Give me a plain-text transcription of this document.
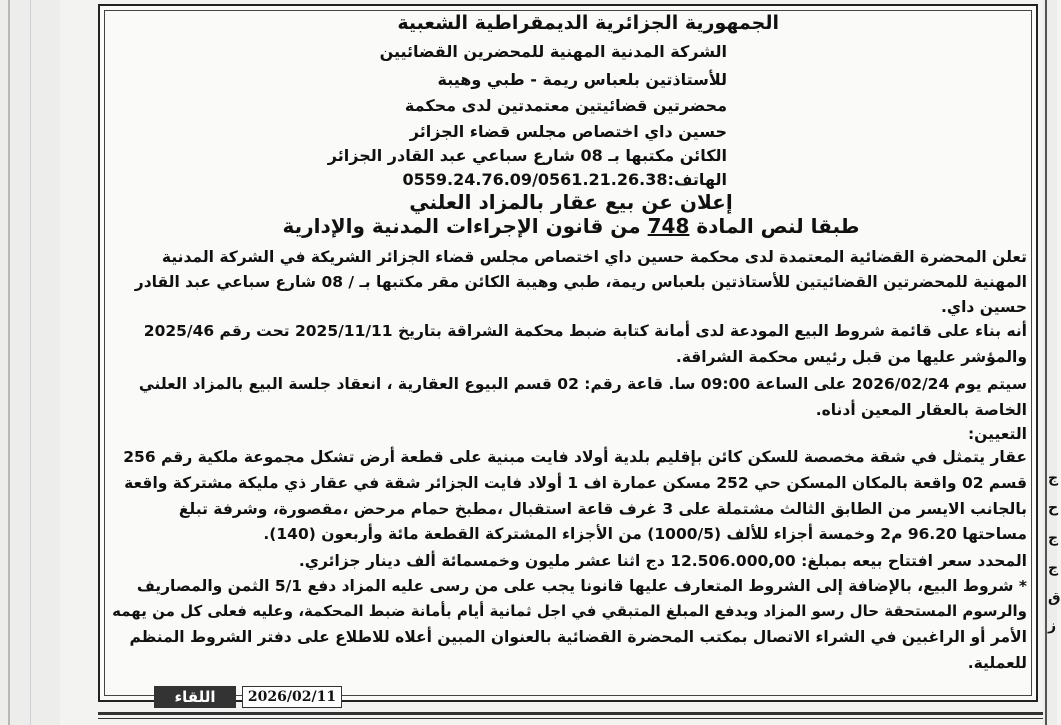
ج
ح
ج
ج
ق
ز
الجمهورية الجزائرية الديمقراطية الشعبية
الشركة المدنية المهنية للمحضرين القضائيين
للأستاذتين بلعباس ريمة - طبي وهيبة
محضرتين قضائيتين معتمدتين لدى محكمة
حسين داي اختصاص مجلس قضاء الجزائر
الكائن مكتبها بـ 08 شارع سباعي عبد القادر الجزائر
الهاتف:0559.24.76.09/0561.21.26.38
إعلان عن بيع عقار بالمزاد العلني
طبقا لنص المادة 748 من قانون الإجراءات المدنية والإدارية
تعلن المحضرة القضائية المعتمدة لدى محكمة حسين داي اختصاص مجلس قضاء الجزائر الشريكة في الشركة المدنية
المهنية للمحضرتين القضائيتين للأستاذتين بلعباس ريمة، طبي وهيبة الكائن مقر مكتبها بـ / 08 شارع سباعي عبد القادر
حسين داي.
أنه بناء على قائمة شروط البيع المودعة لدى أمانة كتابة ضبط محكمة الشراقة بتاريخ 2025/11/11 تحت رقم 2025/46
والمؤشر عليها من قبل رئيس محكمة الشراقة.
سيتم يوم 2026/02/24 على الساعة 09:00 سا. قاعة رقم: 02 قسم البيوع العقارية ، انعقاد جلسة البيع بالمزاد العلني
الخاصة بالعقار المعين أدناه.
التعيين:
عقار يتمثل في شقة مخصصة للسكن كائن بإقليم بلدية أولاد فايت مبنية على قطعة أرض تشكل مجموعة ملكية رقم 256
قسم 02 واقعة بالمكان المسكن حي 252 مسكن عمارة اف 1 أولاد فايت الجزائر شقة في عقار ذي مليكة مشتركة واقعة
بالجانب الايسر من الطابق الثالث مشتملة على 3 غرف قاعة استقبال ،مطبخ حمام مرحض ،مقصورة، وشرفة تبلغ
مساحتها 96.20 م2 وخمسة أجزاء للألف (1000/5) من الأجزاء المشتركة القطعة مائة وأربعون (140).
المحدد سعر افتتاح بيعه بمبلغ: 12.506.000,00 دج اثنا عشر مليون وخمسمائة ألف دينار جزائري.
* شروط البيع، بالإضافة إلى الشروط المتعارف عليها قانونا يجب على من رسى عليه المزاد دفع 5/1 الثمن والمصاريف
والرسوم المستحقة حال رسو المزاد ويدفع المبلغ المتبقي في اجل ثمانية أيام بأمانة ضبط المحكمة، وعليه فعلى كل من يهمه
الأمر أو الراغبين في الشراء الاتصال بمكتب المحضرة القضائية بالعنوان المبين أعلاه للاطلاع على دفتر الشروط المنظم
للعملية.
اللقاء	2026/02/11
